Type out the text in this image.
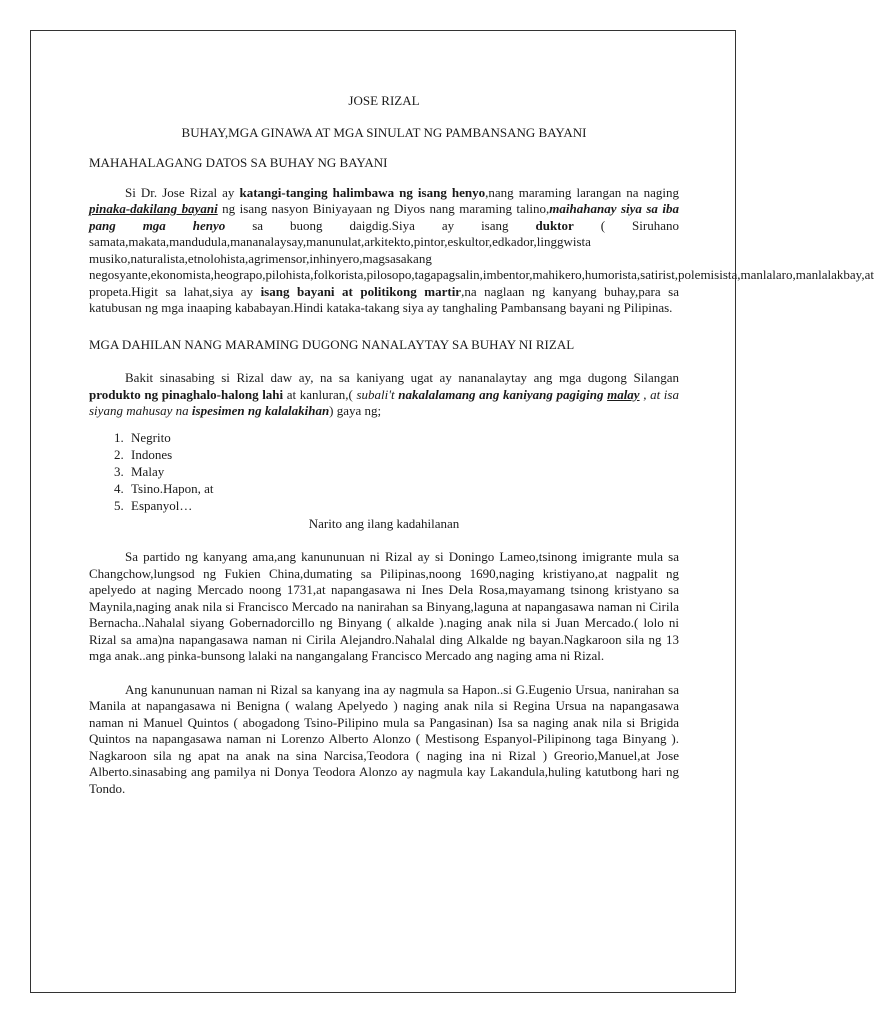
JOSE RIZAL
BUHAY,MGA GINAWA AT MGA SINULAT NG PAMBANSANG BAYANI
MAHAHALAGANG DATOS SA BUHAY NG BAYANI

Si Dr. Jose Rizal ay katangi-tanging halimbawa ng isang henyo,nang maraming larangan na naging pinaka-dakilang bayani ng isang nasyon Biniyayaan ng Diyos nang maraming talino,maihahanay siya sa iba pang mga henyo sa buong daigdig.Siya ay isang duktor ( Siruhano samata,makata,mandudula,mananalaysay,manunulat,arkitekto,pintor,eskultor,edkador,linggwista musiko,naturalista,etnolohista,agrimensor,inhinyero,magsasakang negosyante,ekonomista,heograpo,pilohista,folkorista,pilosopo,tagapagsalin,imbentor,mahikero,humorista,satirist,polemisista,manlalaro,manlalakbay,at propeta.Higit sa lahat,siya ay isang bayani at politikong martir,na naglaan ng kanyang buhay,para sa katubusan ng mga inaaping kababayan.Hindi kataka-takang siya ay tanghaling Pambansang bayani ng Pilipinas.

MGA DAHILAN NANG MARAMING DUGONG NANALAYTAY SA BUHAY NI RIZAL

Bakit sinasabing si Rizal daw ay, na sa kaniyang ugat ay nananalaytay ang mga dugong Silangan produkto ng pinaghalo-halong lahi at kanluran,( subali't nakalalamang ang kaniyang pagiging malay , at isa siyang mahusay na ispesimen ng kalalakihan) gaya ng;

1. Negrito
2. Indones
3. Malay
4. Tsino.Hapon, at
5. Espanyol…
Narito ang ilang kadahilanan

Sa partido ng kanyang ama,ang kanununuan ni Rizal ay si Doningo Lameo,tsinong imigrante mula sa Changchow,lungsod ng Fukien China,dumating sa Pilipinas,noong 1690,naging kristiyano,at nagpalit ng apelyedo at naging Mercado noong 1731,at napangasawa ni Ines Dela Rosa,mayamang tsinong kristyano sa Maynila,naging anak nila si Francisco Mercado na nanirahan sa Binyang,laguna at napangasawa naman ni Cirila Bernacha..Nahalal siyang Gobernadorcillo ng Binyang ( alkalde ).naging anak nila si Juan Mercado.( lolo ni Rizal sa ama)na napangasawa naman ni Cirila Alejandro.Nahalal ding Alkalde ng bayan.Nagkaroon sila ng 13 mga anak..ang pinka-bunsong lalaki na nangangalang Francisco Mercado ang naging ama ni Rizal.

Ang kanununuan naman ni Rizal sa kanyang ina ay nagmula sa Hapon..si G.Eugenio Ursua, nanirahan sa Manila at napangasawa ni Benigna ( walang Apelyedo ) naging anak nila si Regina Ursua na napangasawa naman ni Manuel Quintos ( abogadong Tsino-Pilipino mula sa Pangasinan) Isa sa naging anak nila si Brigida Quintos na napangasawa naman ni Lorenzo Alberto Alonzo ( Mestisong Espanyol-Pilipinong taga Binyang ). Nagkaroon sila ng apat na anak na sina Narcisa,Teodora ( naging ina ni Rizal ) Greorio,Manuel,at Jose Alberto.sinasabing ang pamilya ni Donya Teodora Alonzo ay nagmula kay Lakandula,huling katutbong hari ng Tondo.
